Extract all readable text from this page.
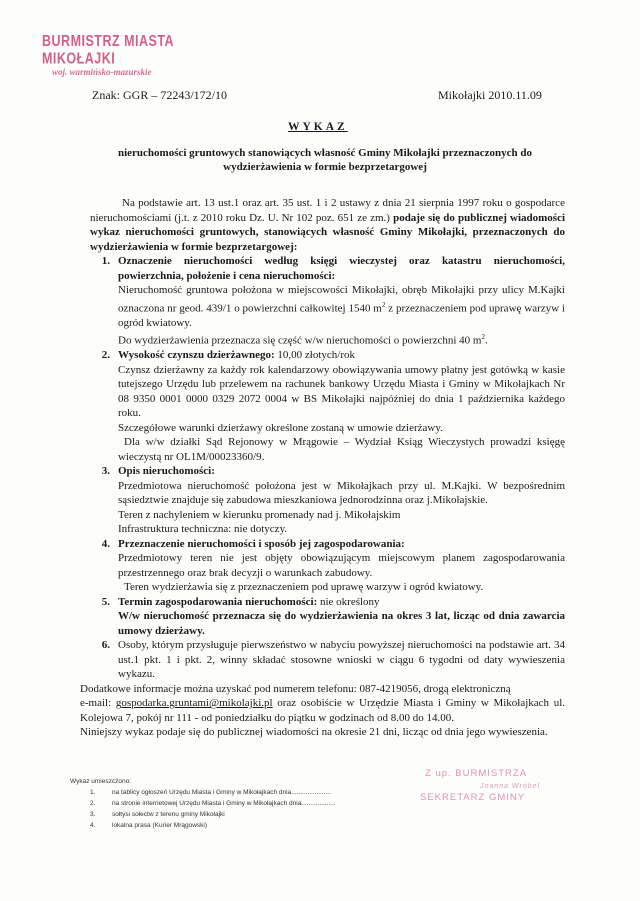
BURMISTRZ MIASTA MIKOŁAJKI
woj. warmińsko-mazurskie
Znak: GGR – 72243/172/10	Mikołajki 2010.11.09
WYKAZ
nieruchomości gruntowych stanowiących własność Gminy Mikołajki przeznaczonych do
wydzierżawienia w formie bezprzetargowej

Na podstawie art. 13 ust.1 oraz art. 35 ust. 1 i 2 ustawy z dnia 21 sierpnia 1997 roku o gospodarce nieruchomościami (j.t. z 2010 roku Dz. U. Nr 102 poz. 651 ze zm.) podaje się do publicznej wiadomości wykaz nieruchomości gruntowych, stanowiących własność Gminy Mikołajki, przeznaczonych do wydzierżawienia w formie bezprzetargowej:

1. Oznaczenie nieruchomości według księgi wieczystej oraz katastru nieruchomości, powierzchnia, położenie i cena nieruchomości:

Nieruchomość gruntowa położona w miejscowości Mikołajki, obręb Mikołajki przy ulicy M.Kajki oznaczona nr geod. 439/1 o powierzchni całkowitej 1540 $m^2$ z przeznaczeniem pod uprawę warzyw i ogród kwiatowy.

Do wydzierżawienia przeznacza się część w/w nieruchomości o powierzchni 40 $m^2$.

2. Wysokość czynszu dzierżawnego: 10,00 złotych/rok

Czynsz dzierżawny za każdy rok kalendarzowy obowiązywania umowy płatny jest gotówką w kasie tutejszego Urzędu lub przelewem na rachunek bankowy Urzędu Miasta i Gminy w Mikołajkach Nr 08 9350 0001 0000 0329 2072 0004 w BS Mikołajki najpóźniej do dnia 1 października każdego roku.

Szczegółowe warunki dzierżawy określone zostaną w umowie dzierżawy.

Dla w/w działki Sąd Rejonowy w Mrągowie – Wydział Ksiąg Wieczystych prowadzi księgę wieczystą nr OL1M/00023360/9.

3. Opis nieruchomości:

Przedmiotowa nieruchomość położona jest w Mikołajkach przy ul. M.Kajki. W bezpośrednim sąsiedztwie znajduje się zabudowa mieszkaniowa jednorodzinna oraz j.Mikołajskie.

Teren z nachyleniem w kierunku promenady nad j. Mikołajskim

Infrastruktura techniczna: nie dotyczy.

4. Przeznaczenie nieruchomości i sposób jej zagospodarowania:

Przedmiotowy teren nie jest objęty obowiązującym miejscowym planem zagospodarowania przestrzennego oraz brak decyzji o warunkach zabudowy.

Teren wydzierżawia się z przeznaczeniem pod uprawę warzyw i ogród kwiatowy.

5. Termin zagospodarowania nieruchomości: nie określony

W/w nieruchomość przeznacza się do wydzierżawienia na okres 3 lat, licząc od dnia zawarcia umowy dzierżawy.

6. Osoby, którym przysługuje pierwszeństwo w nabyciu powyższej nieruchomości na podstawie art. 34 ust.1 pkt. 1 i pkt. 2, winny składać stosowne wnioski w ciągu 6 tygodni od daty wywieszenia wykazu.

Dodatkowe informacje można uzyskać pod numerem telefonu: 087-4219056, drogą elektroniczną

e-mail: gospodarka.gruntami@mikolajki.pl oraz osobiście w Urzędzie Miasta i Gminy w Mikołajkach ul. Kolejowa 7, pokój nr 111 - od poniedziałku do piątku w godzinach od 8.00 do 14.00.

Niniejszy wykaz podaje się do publicznej wiadomości na okresie 21 dni, licząc od dnia jego wywieszenia.

Wykaz umieszczono:
1.	na tablicy ogłoszeń Urzędu Miasta i Gminy w Mikołajkach dnia......................
2.	na stronie internetowej Urzędu Miasta i Gminy w Mikołajkach dnia...................
3.	sołtysi sołectw z terenu gminy Mikołajki
4.	lokalna prasa (Kurier Mrągowski)
Z up. BURMISTRZA
Joanna Wróbel
SEKRETARZ GMINY
